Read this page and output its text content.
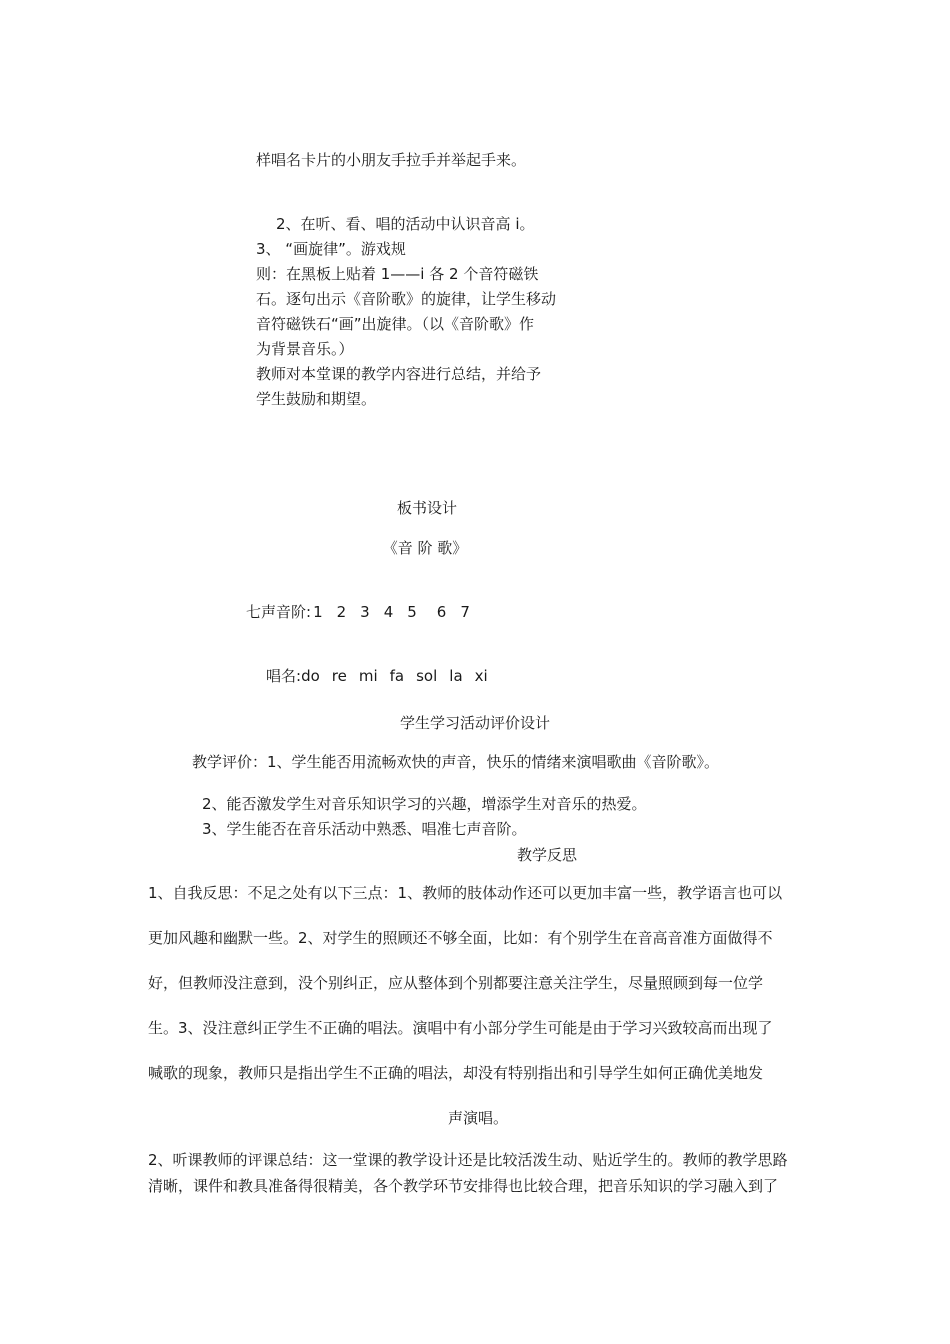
样唱名卡片的小朋友手拉手并举起手来。
2、在听、看、唱的活动中认识音高 i。
3、 “画旋律”。游戏规
则：在黑板上贴着 1——i 各 2 个音符磁铁
石。逐句出示《音阶歌》的旋律，让学生移动
音符磁铁石“画”出旋律。（以《音阶歌》作
为背景音乐。）
教师对本堂课的教学内容进行总结，并给予
学生鼓励和期望。
板书设计
《音 阶 歌》
七声音阶: 1 2 3 4 5 6 7
唱名:do re mi fa sol la xi
学生学习活动评价设计
教学评价：1、学生能否用流畅欢快的声音，快乐的情绪来演唱歌曲《音阶歌》。
2、能否激发学生对音乐知识学习的兴趣，增添学生对音乐的热爱。
3、学生能否在音乐活动中熟悉、唱准七声音阶。
教学反思
1、自我反思：不足之处有以下三点：1、教师的肢体动作还可以更加丰富一些，教学语言也可以
更加风趣和幽默一些。2、对学生的照顾还不够全面，比如：有个别学生在音高音准方面做得不
好，但教师没注意到，没个别纠正，应从整体到个别都要注意关注学生，尽量照顾到每一位学
生。3、没注意纠正学生不正确的唱法。演唱中有小部分学生可能是由于学习兴致较高而出现了
喊歌的现象，教师只是指出学生不正确的唱法，却没有特别指出和引导学生如何正确优美地发
声演唱。
2、听课教师的评课总结：这一堂课的教学设计还是比较活泼生动、贴近学生的。教师的教学思路
清晰，课件和教具准备得很精美，各个教学环节安排得也比较合理，把音乐知识的学习融入到了
